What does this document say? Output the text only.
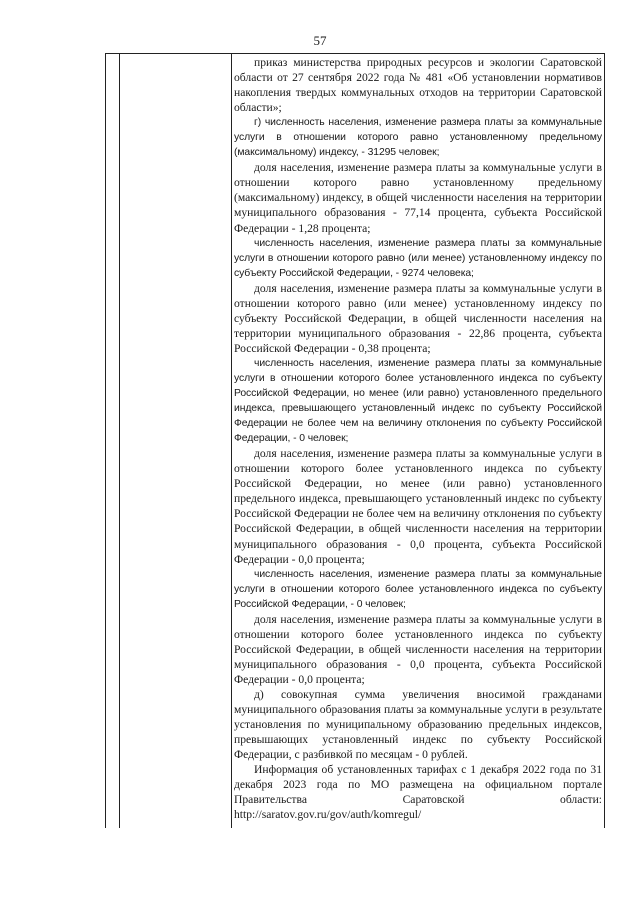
57

приказ министерства природных ресурсов и экологии Саратовской области от 27 сентября 2022 года № 481 «Об установлении нормативов накопления твердых коммунальных отходов на территории Саратовской области»;

г) численность населения, изменение размера платы за коммунальные услуги в отношении которого равно установленному предельному (максимальному) индексу, - 31295 человек;

доля населения, изменение размера платы за коммунальные услуги в отношении которого равно установленному предельному (максимальному) индексу, в общей численности населения на территории муниципального образования - 77,14 процента, субъекта Российской Федерации - 1,28 процента;

численность населения, изменение размера платы за коммунальные услуги в отношении которого равно (или менее) установленному индексу по субъекту Российской Федерации, - 9274 человека;

доля населения, изменение размера платы за коммунальные услуги в отношении которого равно (или менее) установленному индексу по субъекту Российской Федерации, в общей численности населения на территории муниципального образования - 22,86 процента, субъекта Российской Федерации - 0,38 процента;

численность населения, изменение размера платы за коммунальные услуги в отношении которого более установленного индекса по субъекту Российской Федерации, но менее (или равно) установленного предельного индекса, превышающего установленный индекс по субъекту Российской Федерации не более чем на величину отклонения по субъекту Российской Федерации, - 0 человек;

доля населения, изменение размера платы за коммунальные услуги в отношении которого более установленного индекса по субъекту Российской Федерации, но менее (или равно) установленного предельного индекса, превышающего установленный индекс по субъекту Российской Федерации не более чем на величину отклонения по субъекту Российской Федерации, в общей численности населения на территории муниципального образования - 0,0 процента, субъекта Российской Федерации - 0,0 процента;

численность населения, изменение размера платы за коммунальные услуги в отношении которого более установленного индекса по субъекту Российской Федерации, - 0 человек;

доля населения, изменение размера платы за коммунальные услуги в отношении которого более установленного индекса по субъекту Российской Федерации, в общей численности населения на территории муниципального образования - 0,0 процента, субъекта Российской Федерации - 0,0 процента;

д) совокупная сумма увеличения вносимой гражданами муниципального образования платы за коммунальные услуги в результате установления по муниципальному образованию предельных индексов, превышающих установленный индекс по субъекту Российской Федерации, с разбивкой по месяцам - 0 рублей.

Информация об установленных тарифах с 1 декабря 2022 года по 31 декабря 2023 года по МО размещена на официальном портале Правительства Саратовской области: http://saratov.gov.ru/gov/auth/komregul/
